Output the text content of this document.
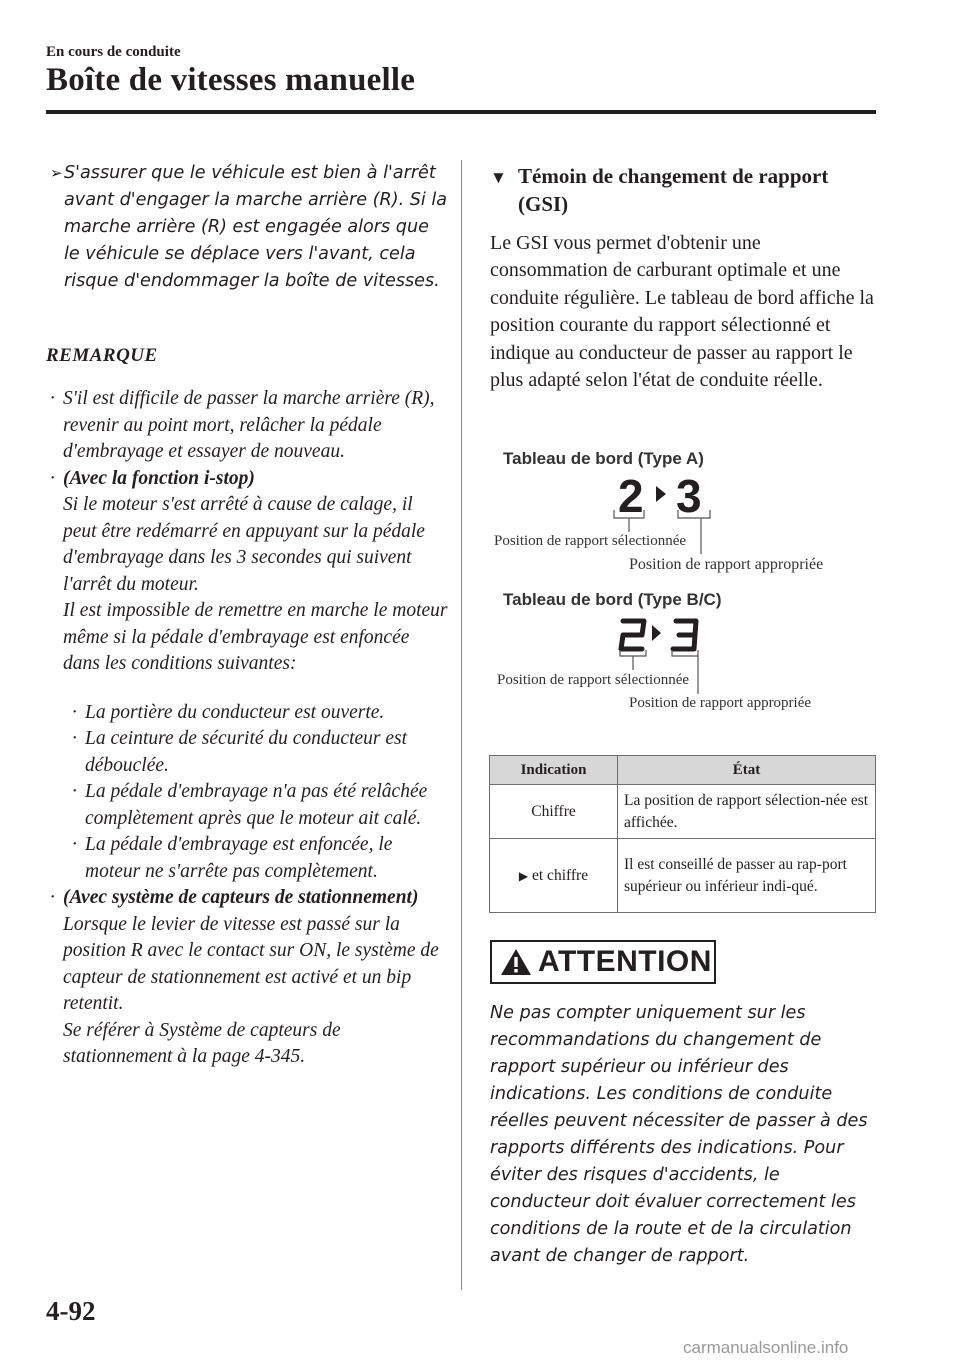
En cours de conduite
Boîte de vitesses manuelle
➢ S'assurer que le véhicule est bien à l'arrêt avant d'engager la marche arrière (R). Si la marche arrière (R) est engagée alors que le véhicule se déplace vers l'avant, cela risque d'endommager la boîte de vitesses.
REMARQUE
· S'il est difficile de passer la marche arrière (R), revenir au point mort, relâcher la pédale d'embrayage et essayer de nouveau.
· (Avec la fonction i-stop)
Si le moteur s'est arrêté à cause de calage, il peut être redémarré en appuyant sur la pédale d'embrayage dans les 3 secondes qui suivent l'arrêt du moteur.
Il est impossible de remettre en marche le moteur même si la pédale d'embrayage est enfoncée dans les conditions suivantes:
· La portière du conducteur est ouverte.
· La ceinture de sécurité du conducteur est débouclée.
· La pédale d'embrayage n'a pas été relâchée complètement après que le moteur ait calé.
· La pédale d'embrayage est enfoncée, le moteur ne s'arrête pas complètement.
· (Avec système de capteurs de stationnement)
Lorsque le levier de vitesse est passé sur la position R avec le contact sur ON, le système de capteur de stationnement est activé et un bip retentit.
Se référer à Système de capteurs de stationnement à la page 4-345.
▼ Témoin de changement de rapport (GSI)
Le GSI vous permet d'obtenir une consommation de carburant optimale et une conduite régulière. Le tableau de bord affiche la position courante du rapport sélectionné et indique au conducteur de passer au rapport le plus adapté selon l'état de conduite réelle.
Tableau de bord (Type A)
2 3
Position de rapport sélectionnée
Position de rapport appropriée
Tableau de bord (Type B/C)
Position de rapport sélectionnée
Position de rapport appropriée
Indication	État
Chiffre	La position de rapport sélection-née est affichée.
▶ et chiffre	Il est conseillé de passer au rap-port supérieur ou inférieur indi-qué.
ATTENTION
Ne pas compter uniquement sur les recommandations du changement de rapport supérieur ou inférieur des indications. Les conditions de conduite réelles peuvent nécessiter de passer à des rapports différents des indications. Pour éviter des risques d'accidents, le conducteur doit évaluer correctement les conditions de la route et de la circulation avant de changer de rapport.
4-92
carmanualsonline.info
